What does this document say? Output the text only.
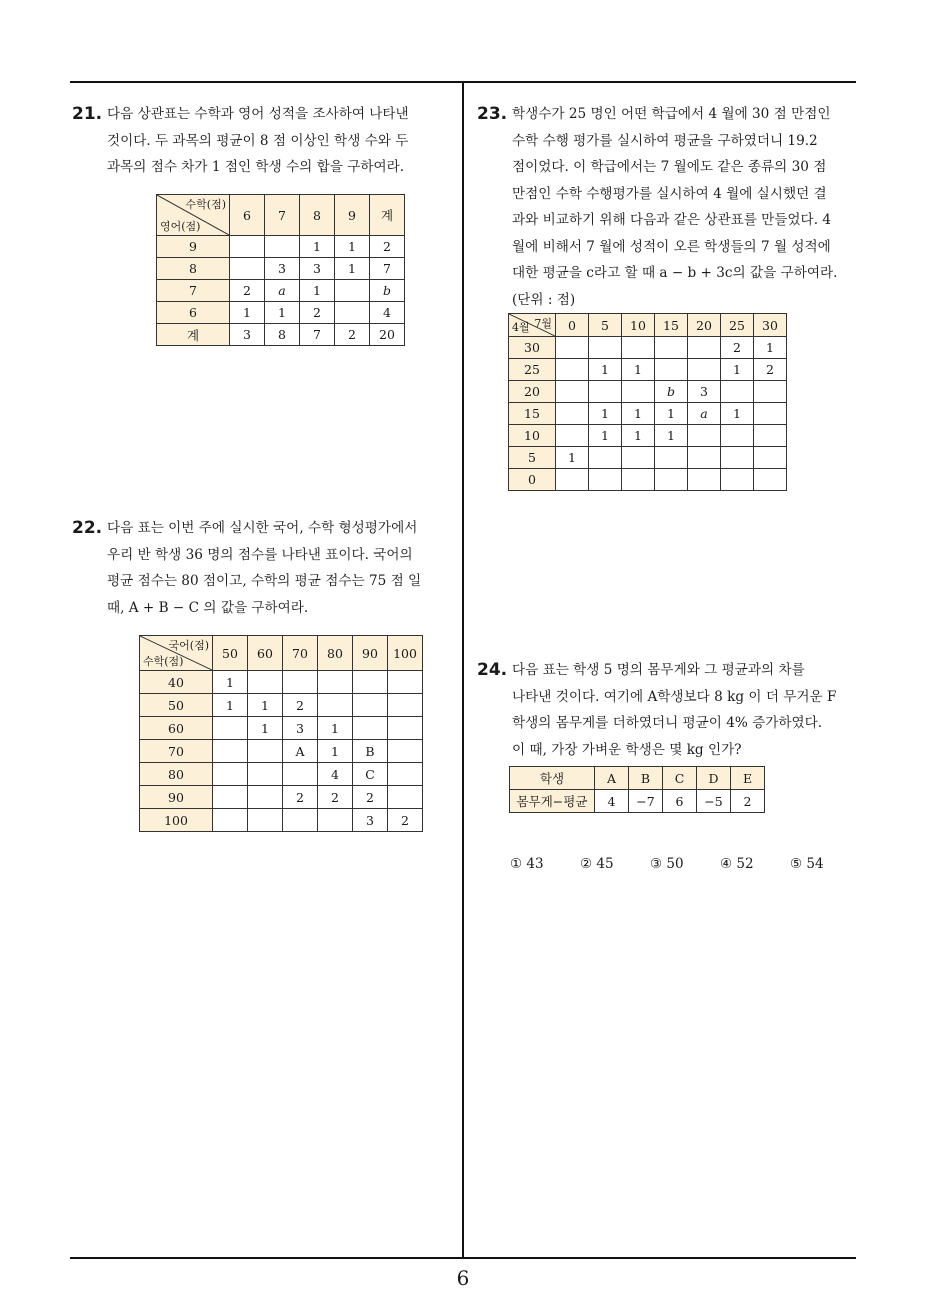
21. 다음 상관표는 수학과 영어 성적을 조사하여 나타낸
것이다. 두 과목의 평균이 8 점 이상인 학생 수와 두
과목의 점수 차가 1 점인 학생 수의 합을 구하여라.
수학(점)
영어(점)	6	7	8	9	계
9			1	1	2
8		3	3	1	7
7	2	a	1		b
6	1	1	2		4
계	3	8	7	2	20
22. 다음 표는 이번 주에 실시한 국어, 수학 형성평가에서
우리 반 학생 36 명의 점수를 나타낸 표이다. 국어의
평균 점수는 80 점이고, 수학의 평균 점수는 75 점 일
때, A + B − C 의 값을 구하여라.
국어(점)
수학(점)	50	60	70	80	90	100
40	1					
50	1	1	2			
60		1	3	1		
70			A	1	B	
80				4	C	
90			2	2	2	
100					3	2
23. 학생수가 25 명인 어떤 학급에서 4 월에 30 점 만점인
수학 수행 평가를 실시하여 평균을 구하였더니 19.2
점이었다. 이 학급에서는 7 월에도 같은 종류의 30 점
만점인 수학 수행평가를 실시하여 4 월에 실시했던 결
과와 비교하기 위해 다음과 같은 상관표를 만들었다. 4
월에 비해서 7 월에 성적이 오른 학생들의 7 월 성적에
대한 평균을 c라고 할 때 a − b + 3c의 값을 구하여라.
(단위 : 점)
7월
4월	0	5	10	15	20	25	30
30						2	1
25		1	1			1	2
20				b	3		
15		1	1	1	a	1	
10		1	1	1			
5	1						
0							
24. 다음 표는 학생 5 명의 몸무게와 그 평균과의 차를
나타낸 것이다. 여기에 A학생보다 8 kg 이 더 무거운 F
학생의 몸무게를 더하였더니 평균이 4% 증가하였다.
이 때, 가장 가벼운 학생은 몇 kg 인가?
학생	A	B	C	D	E
몸무게−평균	4	−7	6	−5	2
① 43	② 45	③ 50	④ 52	⑤ 54
6
